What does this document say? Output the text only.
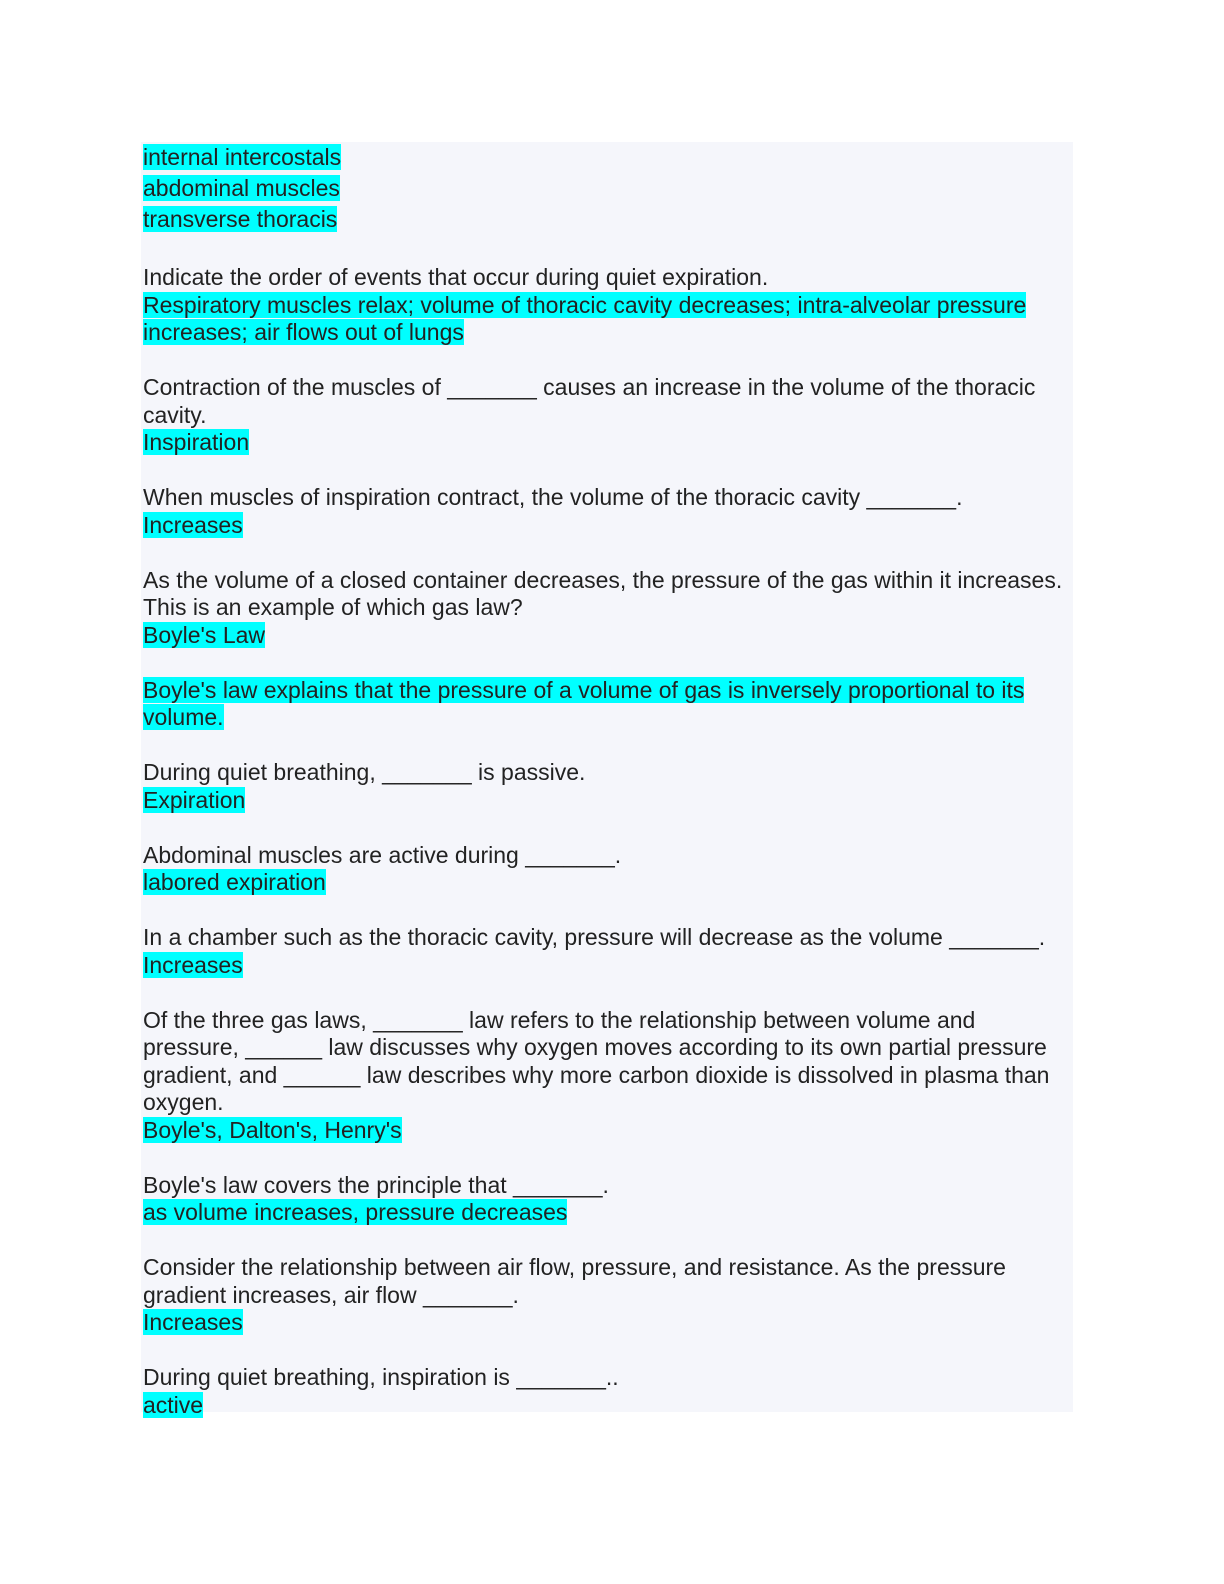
internal intercostals
abdominal muscles
transverse thoracis
Indicate the order of events that occur during quiet expiration.
Respiratory muscles relax; volume of thoracic cavity decreases; intra-alveolar pressure increases; air flows out of lungs
Contraction of the muscles of _______ causes an increase in the volume of the thoracic cavity.
Inspiration
When muscles of inspiration contract, the volume of the thoracic cavity _______.
Increases
As the volume of a closed container decreases, the pressure of the gas within it increases. This is an example of which gas law?
Boyle's Law
Boyle's law explains that the pressure of a volume of gas is inversely proportional to its volume.
During quiet breathing, _______ is passive.
Expiration
Abdominal muscles are active during _______.
labored expiration
In a chamber such as the thoracic cavity, pressure will decrease as the volume _______.
Increases
Of the three gas laws, _______ law refers to the relationship between volume and pressure, ______ law discusses why oxygen moves according to its own partial pressure gradient, and ______ law describes why more carbon dioxide is dissolved in plasma than oxygen.
Boyle's, Dalton's, Henry's
Boyle's law covers the principle that _______.
as volume increases, pressure decreases
Consider the relationship between air flow, pressure, and resistance. As the pressure gradient increases, air flow _______.
Increases
During quiet breathing, inspiration is _______..
active
